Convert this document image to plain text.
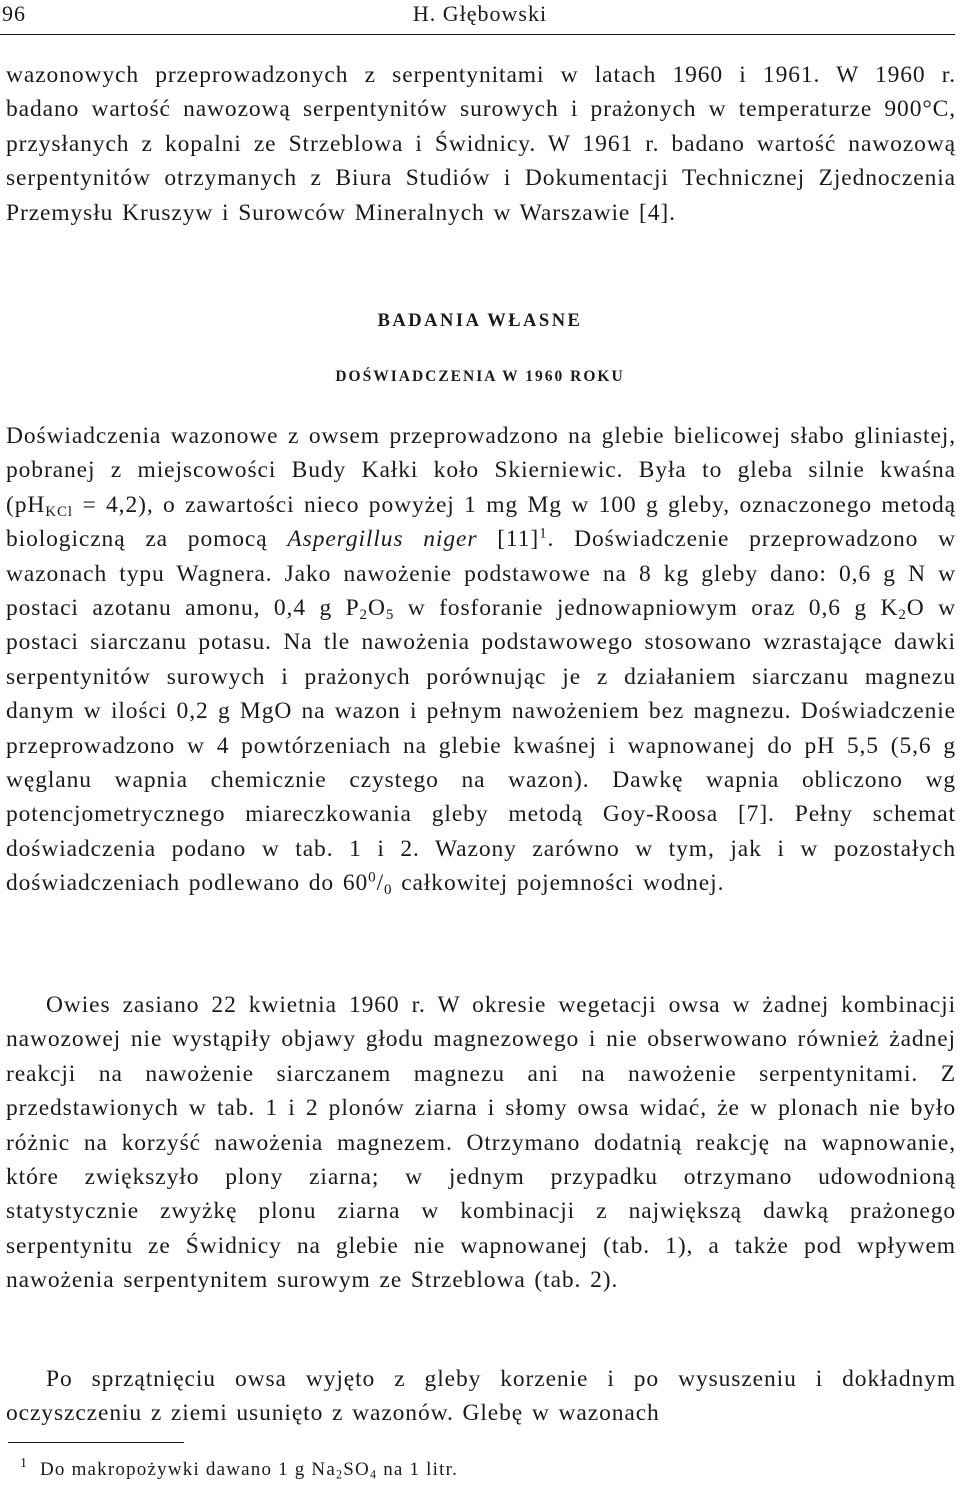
96	H. Głębowski

wazonowych przeprowadzonych z serpentynitami w latach 1960 i 1961. W 1960 r. badano wartość nawozową serpentynitów surowych i prażonych w temperaturze 900°C, przysłanych z kopalni ze Strzeblowa i Świdnicy. W 1961 r. badano wartość nawozową serpentynitów otrzymanych z Biura Studiów i Dokumentacji Technicznej Zjednoczenia Przemysłu Kruszyw i Surowców Mineralnych w Warszawie [4].

BADANIA WŁASNE
DOŚWIADCZENIA W 1960 ROKU

Doświadczenia wazonowe z owsem przeprowadzono na glebie bielicowej słabo gliniastej, pobranej z miejscowości Budy Kałki koło Skierniewic. Była to gleba silnie kwaśna $(pH_{KCl} = 4,2)$, o zawartości nieco powyżej 1 mg Mg w 100 g gleby, oznaczonego metodą biologiczną za pomocą Aspergillus niger $[11]^1$. Doświadczenie przeprowadzono w wazonach typu Wagnera. Jako nawożenie podstawowe na 8 kg gleby dano: 0,6 g N w postaci azotanu amonu, 0,4 g $P_2O_5$ w fosforanie jednowapniowym oraz 0,6 g $K_2O$ w postaci siarczanu potasu. Na tle nawożenia podstawowego stosowano wzrastające dawki serpentynitów surowych i prażonych porównując je z działaniem siarczanu magnezu danym w ilości 0,2 g MgO na wazon i pełnym nawożeniem bez magnezu. Doświadczenie przeprowadzono w 4 powtórzeniach na glebie kwaśnej i wapnowanej do pH 5,5 (5,6 g węglanu wapnia chemicznie czystego na wazon). Dawkę wapnia obliczono wg potencjometrycznego miareczkowania gleby metodą Goy-Roosa [7]. Pełny schemat doświadczenia podano w tab. 1 i 2. Wazony zarówno w tym, jak i w pozostałych doświadczeniach podlewano do $60^0/_0$ całkowitej pojemności wodnej.

Owies zasiano 22 kwietnia 1960 r. W okresie wegetacji owsa w żadnej kombinacji nawozowej nie wystąpiły objawy głodu magnezowego i nie obserwowano również żadnej reakcji na nawożenie siarczanem magnezu ani na nawożenie serpentynitami. Z przedstawionych w tab. 1 i 2 plonów ziarna i słomy owsa widać, że w plonach nie było różnic na korzyść nawożenia magnezem. Otrzymano dodatnią reakcję na wapnowanie, które zwiększyło plony ziarna; w jednym przypadku otrzymano udowodnioną statystycznie zwyżkę plonu ziarna w kombinacji z największą dawką prażonego serpentynitu ze Świdnicy na glebie nie wapnowanej (tab. 1), a także pod wpływem nawożenia serpentynitem surowym ze Strzeblowa (tab. 2).

Po sprzątnięciu owsa wyjęto z gleby korzenie i po wysuszeniu i dokładnym oczyszczeniu z ziemi usunięto z wazonów. Glebę w wazonach

1 Do makropożywki dawano 1 g $Na_2SO_4$ na 1 litr.
